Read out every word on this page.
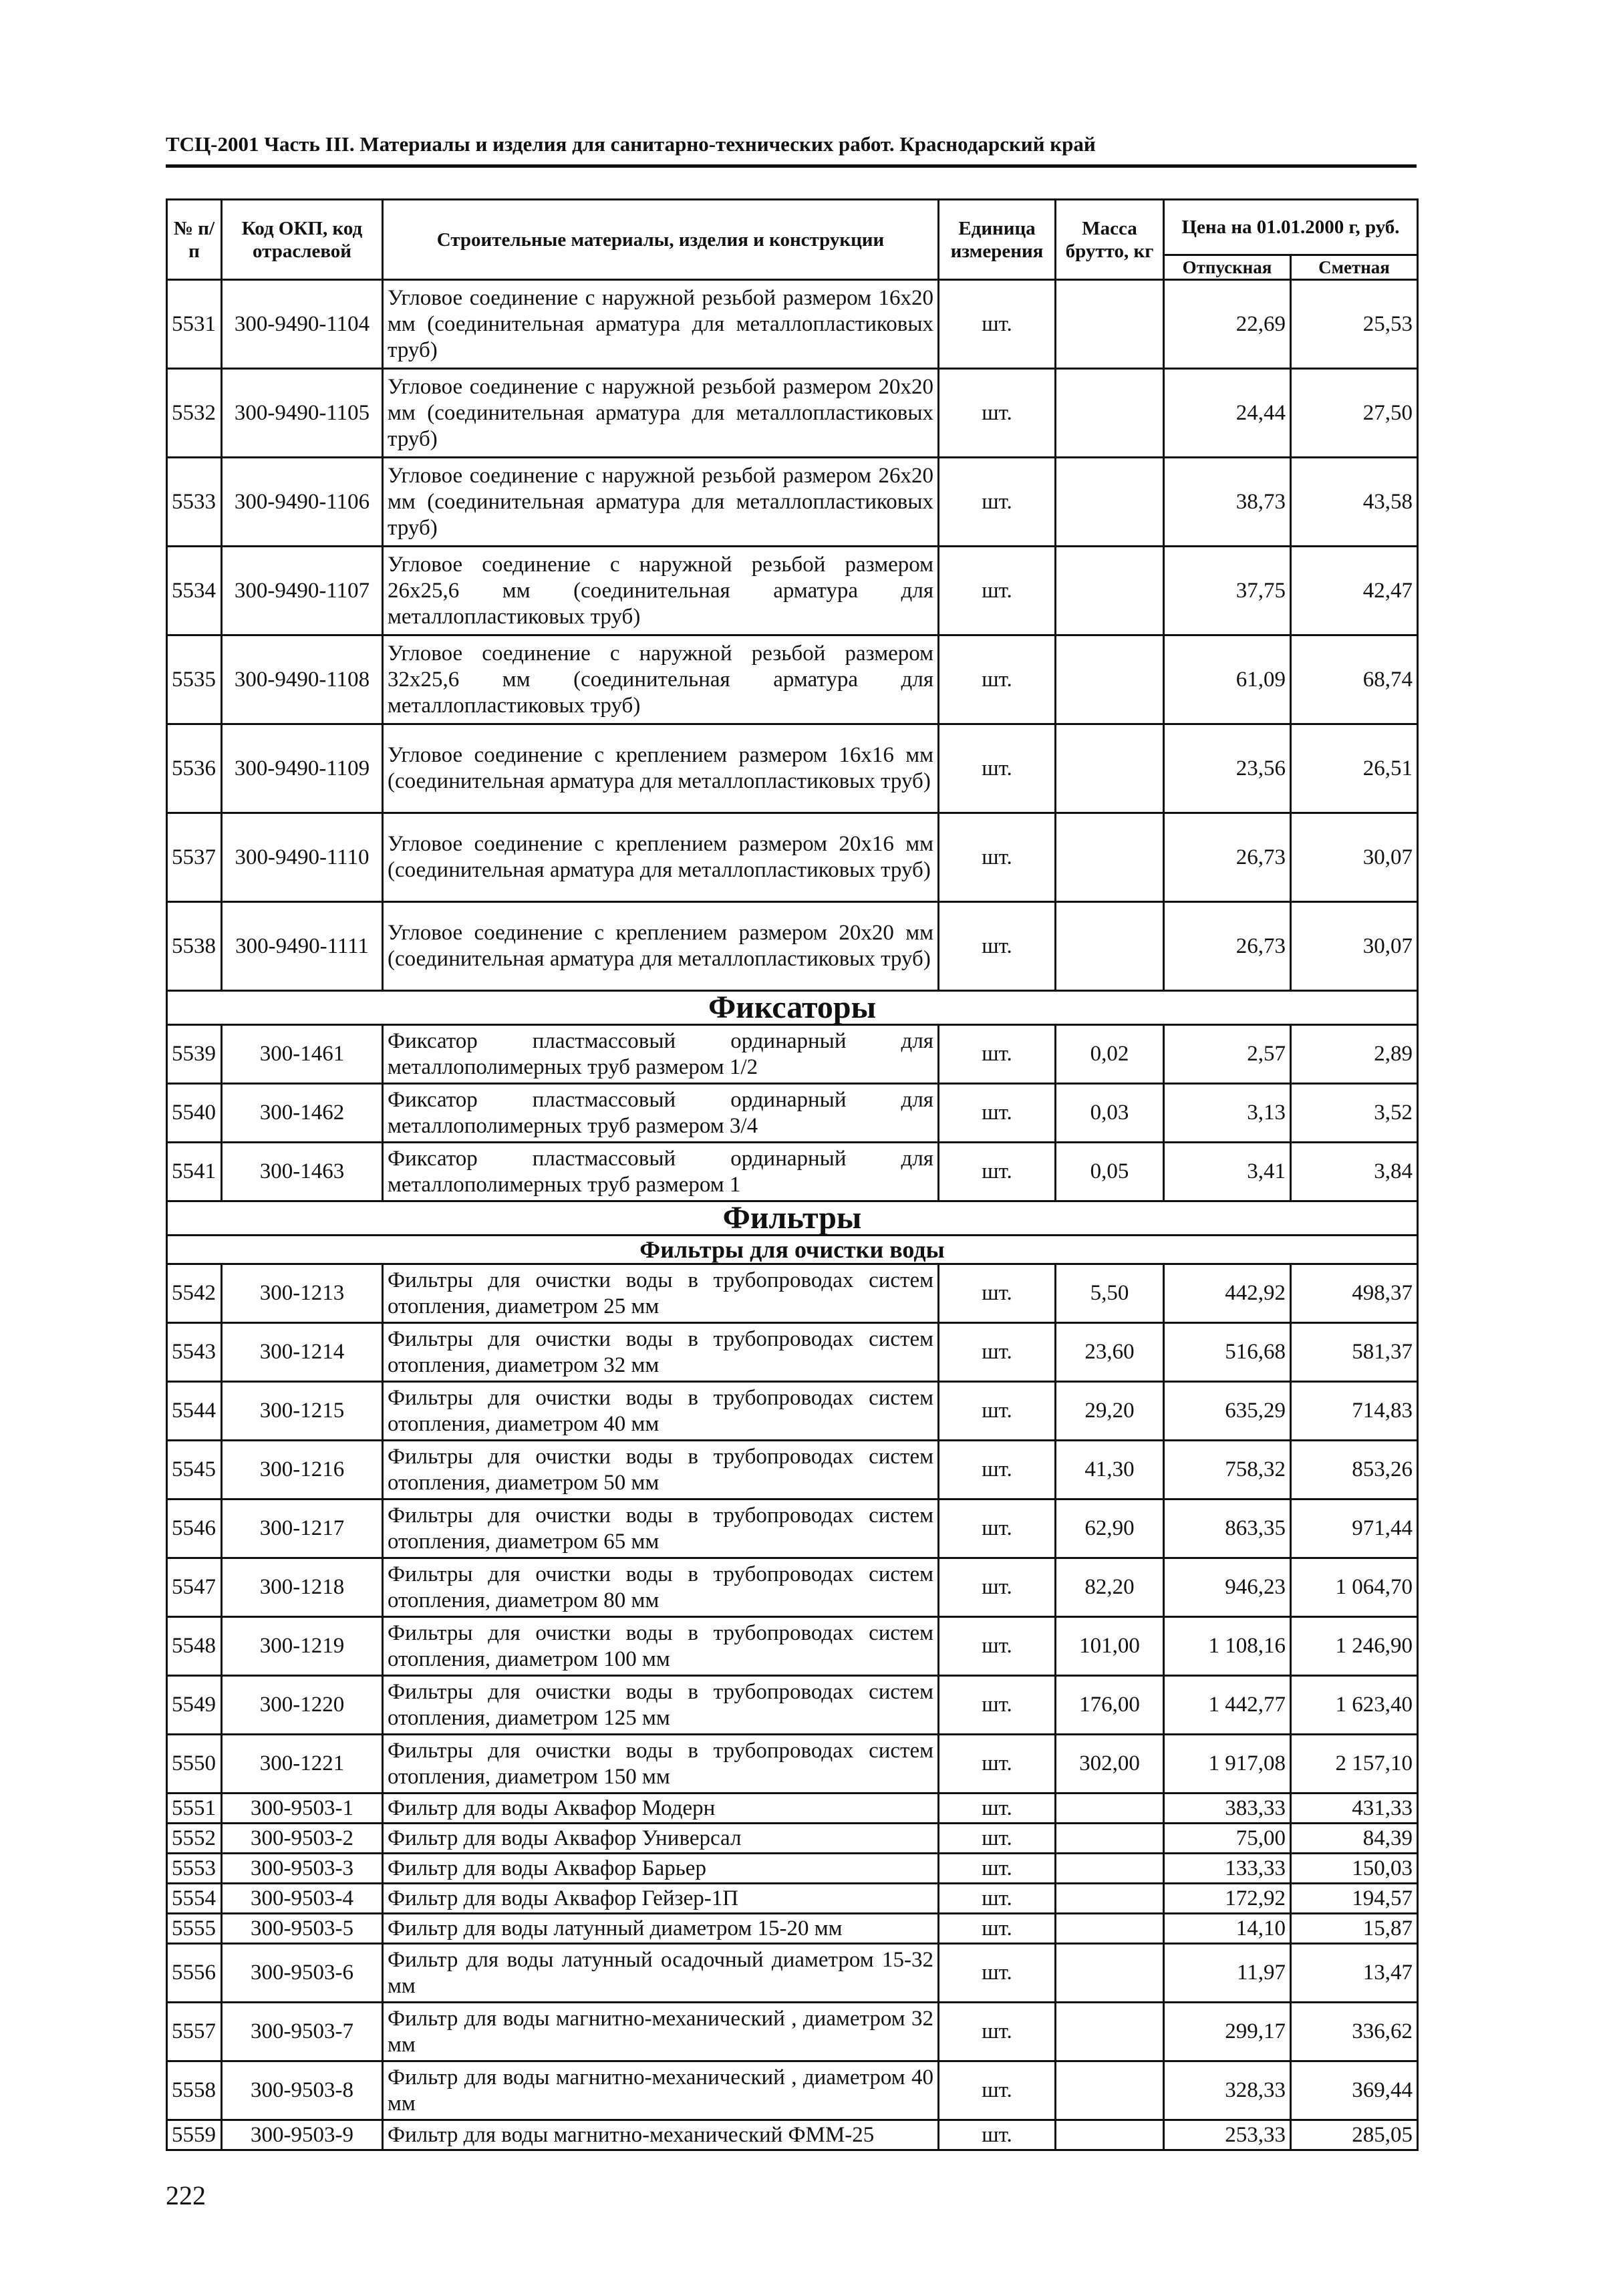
ТСЦ-2001 Часть III. Материалы и изделия для санитарно-технических работ. Краснодарский край
№ п/п	Код ОКП, код отраслевой	Строительные материалы, изделия и конструкции	Единица измерения	Масса брутто, кг	Цена на 01.01.2000 г, руб.	
					Отпускная	Сметная
5531	300-9490-1104	Угловое соединение с наружной резьбой размером 16х20 мм (соединительная арматура для металлопластиковых труб)	шт.		22,69	25,53
5532	300-9490-1105	Угловое соединение с наружной резьбой размером 20х20 мм (соединительная арматура для металлопластиковых труб)	шт.		24,44	27,50
5533	300-9490-1106	Угловое соединение с наружной резьбой размером 26х20 мм (соединительная арматура для металлопластиковых труб)	шт.		38,73	43,58
5534	300-9490-1107	Угловое соединение с наружной резьбой размером 26х25,6 мм (соединительная арматура для металлопластиковых труб)	шт.		37,75	42,47
5535	300-9490-1108	Угловое соединение с наружной резьбой размером 32х25,6 мм (соединительная арматура для металлопластиковых труб)	шт.		61,09	68,74
5536	300-9490-1109	Угловое соединение с креплением размером 16х16 мм (соединительная арматура для металлопластиковых труб)	шт.		23,56	26,51
5537	300-9490-1110	Угловое соединение с креплением размером 20х16 мм (соединительная арматура для металлопластиковых труб)	шт.		26,73	30,07
5538	300-9490-1111	Угловое соединение с креплением размером 20х20 мм (соединительная арматура для металлопластиковых труб)	шт.		26,73	30,07
Фиксаторы						
5539	300-1461	Фиксатор пластмассовый ординарный для металлополимерных труб размером 1/2	шт.	0,02	2,57	2,89
5540	300-1462	Фиксатор пластмассовый ординарный для металлополимерных труб размером 3/4	шт.	0,03	3,13	3,52
5541	300-1463	Фиксатор пластмассовый ординарный для металлополимерных труб размером 1	шт.	0,05	3,41	3,84
Фильтры						
Фильтры для очистки воды						
5542	300-1213	Фильтры для очистки воды в трубопроводах систем отопления, диаметром 25 мм	шт.	5,50	442,92	498,37
5543	300-1214	Фильтры для очистки воды в трубопроводах систем отопления, диаметром 32 мм	шт.	23,60	516,68	581,37
5544	300-1215	Фильтры для очистки воды в трубопроводах систем отопления, диаметром 40 мм	шт.	29,20	635,29	714,83
5545	300-1216	Фильтры для очистки воды в трубопроводах систем отопления, диаметром 50 мм	шт.	41,30	758,32	853,26
5546	300-1217	Фильтры для очистки воды в трубопроводах систем отопления, диаметром 65 мм	шт.	62,90	863,35	971,44
5547	300-1218	Фильтры для очистки воды в трубопроводах систем отопления, диаметром 80 мм	шт.	82,20	946,23	1 064,70
5548	300-1219	Фильтры для очистки воды в трубопроводах систем отопления, диаметром 100 мм	шт.	101,00	1 108,16	1 246,90
5549	300-1220	Фильтры для очистки воды в трубопроводах систем отопления, диаметром 125 мм	шт.	176,00	1 442,77	1 623,40
5550	300-1221	Фильтры для очистки воды в трубопроводах систем отопления, диаметром 150 мм	шт.	302,00	1 917,08	2 157,10
5551	300-9503-1	Фильтр для воды Аквафор Модерн	шт.		383,33	431,33
5552	300-9503-2	Фильтр для воды Аквафор Универсал	шт.		75,00	84,39
5553	300-9503-3	Фильтр для воды Аквафор Барьер	шт.		133,33	150,03
5554	300-9503-4	Фильтр для воды Аквафор Гейзер-1П	шт.		172,92	194,57
5555	300-9503-5	Фильтр для воды латунный диаметром 15-20 мм	шт.		14,10	15,87
5556	300-9503-6	Фильтр для воды латунный осадочный диаметром 15-32 мм	шт.		11,97	13,47
5557	300-9503-7	Фильтр для воды магнитно-механический , диаметром 32 мм	шт.		299,17	336,62
5558	300-9503-8	Фильтр для воды магнитно-механический , диаметром 40 мм	шт.		328,33	369,44
5559	300-9503-9	Фильтр для воды магнитно-механический ФММ-25	шт.		253,33	285,05
222
